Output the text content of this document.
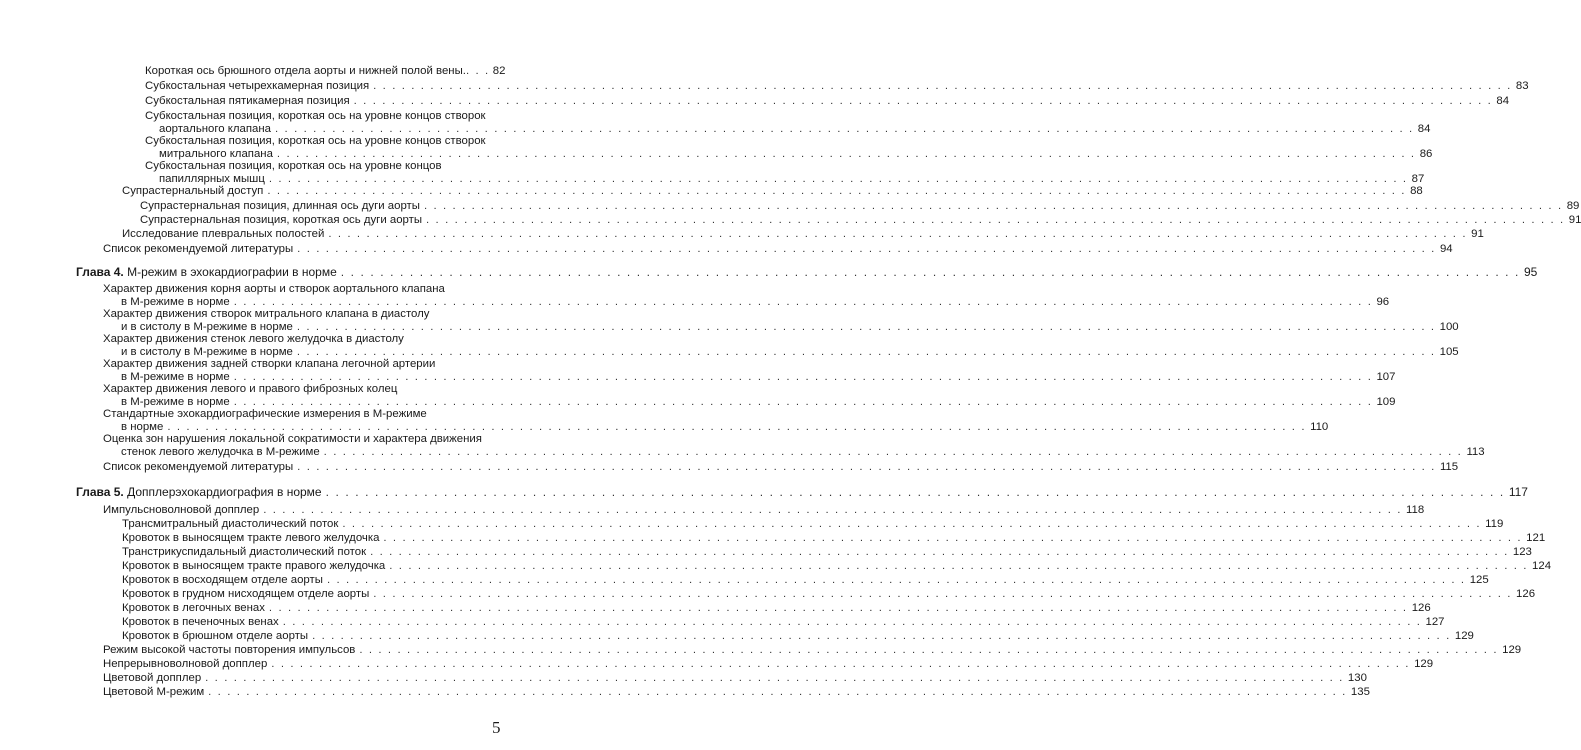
Короткая ось брюшного отдела аорты и нижней полой вены. . . . 82
Субкостальная четырехкамерная позиция . . . . . . . . . . . . . . . . . . . . . . . . . . . . . . . . . . . . . . . . . . . . . . . . . . . . . . . . . . . . . . . . . . . . . . . . . . . . . . . . . . . . . . . . . . . . . . . . . . . . . . . . . . . . . . . . . . . . . . . . 83
Субкостальная пятикамерная позиция . . . . . . . . . . . . . . . . . . . . . . . . . . . . . . . . . . . . . . . . . . . . . . . . . . . . . . . . . . . . . . . . . . . . . . . . . . . . . . . . . . . . . . . . . . . . . . . . . . . . . . . . . . . . . . . . . . . . . . . . 84
Субкостальная позиция, короткая ось на уровне концов створок
аортального клапана . . . . . . . . . . . . . . . . . . . . . . . . . . . . . . . . . . . . . . . . . . . . . . . . . . . . . . . . . . . . . . . . . . . . . . . . . . . . . . . . . . . . . . . . . . . . . . . . . . . . . . . . . . . . . . . . . . . . . . . . 84
Субкостальная позиция, короткая ось на уровне концов створок
митрального клапана . . . . . . . . . . . . . . . . . . . . . . . . . . . . . . . . . . . . . . . . . . . . . . . . . . . . . . . . . . . . . . . . . . . . . . . . . . . . . . . . . . . . . . . . . . . . . . . . . . . . . . . . . . . . . . . . . . . . . . . . 86
Субкостальная позиция, короткая ось на уровне концов
папиллярных мышц . . . . . . . . . . . . . . . . . . . . . . . . . . . . . . . . . . . . . . . . . . . . . . . . . . . . . . . . . . . . . . . . . . . . . . . . . . . . . . . . . . . . . . . . . . . . . . . . . . . . . . . . . . . . . . . . . . . . . . . . 87
Супрастернальный доступ . . . . . . . . . . . . . . . . . . . . . . . . . . . . . . . . . . . . . . . . . . . . . . . . . . . . . . . . . . . . . . . . . . . . . . . . . . . . . . . . . . . . . . . . . . . . . . . . . . . . . . . . . . . . . . . . . . . . . . . . 88
Супрастернальная позиция, длинная ось дуги аорты . . . . . . . . . . . . . . . . . . . . . . . . . . . . . . . . . . . . . . . . . . . . . . . . . . . . . . . . . . . . . . . . . . . . . . . . . . . . . . . . . . . . . . . . . . . . . . . . . . . . . . . . . . . . . . . . . . . . . . . . 89
Супрастернальная позиция, короткая ось дуги аорты . . . . . . . . . . . . . . . . . . . . . . . . . . . . . . . . . . . . . . . . . . . . . . . . . . . . . . . . . . . . . . . . . . . . . . . . . . . . . . . . . . . . . . . . . . . . . . . . . . . . . . . . . . . . . . . . . . . . . . . . 91
Исследование плевральных полостей . . . . . . . . . . . . . . . . . . . . . . . . . . . . . . . . . . . . . . . . . . . . . . . . . . . . . . . . . . . . . . . . . . . . . . . . . . . . . . . . . . . . . . . . . . . . . . . . . . . . . . . . . . . . . . . . . . . . . . . . 91
Список рекомендуемой литературы . . . . . . . . . . . . . . . . . . . . . . . . . . . . . . . . . . . . . . . . . . . . . . . . . . . . . . . . . . . . . . . . . . . . . . . . . . . . . . . . . . . . . . . . . . . . . . . . . . . . . . . . . . . . . . . . . . . . . . . . 94
Глава 4. М-режим в эхокардиографии в норме . . . . . . . . . . . . . . . . . . . . . . . . . . . . . . . . . . . . . . . . . . . . . . . . . . . . . . . . . . . . . . . . . . . . . . . . . . . . . . . . . . . . . . . . . . . . . . . . . . . . . . . . . . . . . . . . . . . . . . . . 95
Характер движения корня аорты и створок аортального клапана
в М-режиме в норме . . . . . . . . . . . . . . . . . . . . . . . . . . . . . . . . . . . . . . . . . . . . . . . . . . . . . . . . . . . . . . . . . . . . . . . . . . . . . . . . . . . . . . . . . . . . . . . . . . . . . . . . . . . . . . . . . . . . . . . . 96
Характер движения створок митрального клапана в диастолу
и в систолу в М-режиме в норме . . . . . . . . . . . . . . . . . . . . . . . . . . . . . . . . . . . . . . . . . . . . . . . . . . . . . . . . . . . . . . . . . . . . . . . . . . . . . . . . . . . . . . . . . . . . . . . . . . . . . . . . . . . . . . . . . . . . . . . . 100
Характер движения стенок левого желудочка в диастолу
и в систолу в М-режиме в норме . . . . . . . . . . . . . . . . . . . . . . . . . . . . . . . . . . . . . . . . . . . . . . . . . . . . . . . . . . . . . . . . . . . . . . . . . . . . . . . . . . . . . . . . . . . . . . . . . . . . . . . . . . . . . . . . . . . . . . . . 105
Характер движения задней створки клапана легочной артерии
в М-режиме в норме . . . . . . . . . . . . . . . . . . . . . . . . . . . . . . . . . . . . . . . . . . . . . . . . . . . . . . . . . . . . . . . . . . . . . . . . . . . . . . . . . . . . . . . . . . . . . . . . . . . . . . . . . . . . . . . . . . . . . . . . 107
Характер движения левого и правого фиброзных колец
в М-режиме в норме . . . . . . . . . . . . . . . . . . . . . . . . . . . . . . . . . . . . . . . . . . . . . . . . . . . . . . . . . . . . . . . . . . . . . . . . . . . . . . . . . . . . . . . . . . . . . . . . . . . . . . . . . . . . . . . . . . . . . . . . 109
Стандартные эхокардиографические измерения в М-режиме
в норме . . . . . . . . . . . . . . . . . . . . . . . . . . . . . . . . . . . . . . . . . . . . . . . . . . . . . . . . . . . . . . . . . . . . . . . . . . . . . . . . . . . . . . . . . . . . . . . . . . . . . . . . . . . . . . . . . . . . . . . . 110
Оценка зон нарушения локальной сократимости и характера движения
стенок левого желудочка в М-режиме . . . . . . . . . . . . . . . . . . . . . . . . . . . . . . . . . . . . . . . . . . . . . . . . . . . . . . . . . . . . . . . . . . . . . . . . . . . . . . . . . . . . . . . . . . . . . . . . . . . . . . . . . . . . . . . . . . . . . . . . 113
Список рекомендуемой литературы . . . . . . . . . . . . . . . . . . . . . . . . . . . . . . . . . . . . . . . . . . . . . . . . . . . . . . . . . . . . . . . . . . . . . . . . . . . . . . . . . . . . . . . . . . . . . . . . . . . . . . . . . . . . . . . . . . . . . . . . 115
Глава 5. Допплерэхокардиография в норме . . . . . . . . . . . . . . . . . . . . . . . . . . . . . . . . . . . . . . . . . . . . . . . . . . . . . . . . . . . . . . . . . . . . . . . . . . . . . . . . . . . . . . . . . . . . . . . . . . . . . . . . . . . . . . . . . . . . . . . . 117
Импульсноволновой допплер . . . . . . . . . . . . . . . . . . . . . . . . . . . . . . . . . . . . . . . . . . . . . . . . . . . . . . . . . . . . . . . . . . . . . . . . . . . . . . . . . . . . . . . . . . . . . . . . . . . . . . . . . . . . . . . . . . . . . . . . 118
Трансмитральный диастолический поток . . . . . . . . . . . . . . . . . . . . . . . . . . . . . . . . . . . . . . . . . . . . . . . . . . . . . . . . . . . . . . . . . . . . . . . . . . . . . . . . . . . . . . . . . . . . . . . . . . . . . . . . . . . . . . . . . . . . . . . . 119
Кровоток в выносящем тракте левого желудочка . . . . . . . . . . . . . . . . . . . . . . . . . . . . . . . . . . . . . . . . . . . . . . . . . . . . . . . . . . . . . . . . . . . . . . . . . . . . . . . . . . . . . . . . . . . . . . . . . . . . . . . . . . . . . . . . . . . . . . . . 121
Транстрикуспидальный диастолический поток . . . . . . . . . . . . . . . . . . . . . . . . . . . . . . . . . . . . . . . . . . . . . . . . . . . . . . . . . . . . . . . . . . . . . . . . . . . . . . . . . . . . . . . . . . . . . . . . . . . . . . . . . . . . . . . . . . . . . . . . 123
Кровоток в выносящем тракте правого желудочка . . . . . . . . . . . . . . . . . . . . . . . . . . . . . . . . . . . . . . . . . . . . . . . . . . . . . . . . . . . . . . . . . . . . . . . . . . . . . . . . . . . . . . . . . . . . . . . . . . . . . . . . . . . . . . . . . . . . . . . . 124
Кровоток в восходящем отделе аорты . . . . . . . . . . . . . . . . . . . . . . . . . . . . . . . . . . . . . . . . . . . . . . . . . . . . . . . . . . . . . . . . . . . . . . . . . . . . . . . . . . . . . . . . . . . . . . . . . . . . . . . . . . . . . . . . . . . . . . . . 125
Кровоток в грудном нисходящем отделе аорты . . . . . . . . . . . . . . . . . . . . . . . . . . . . . . . . . . . . . . . . . . . . . . . . . . . . . . . . . . . . . . . . . . . . . . . . . . . . . . . . . . . . . . . . . . . . . . . . . . . . . . . . . . . . . . . . . . . . . . . . 126
Кровоток в легочных венах . . . . . . . . . . . . . . . . . . . . . . . . . . . . . . . . . . . . . . . . . . . . . . . . . . . . . . . . . . . . . . . . . . . . . . . . . . . . . . . . . . . . . . . . . . . . . . . . . . . . . . . . . . . . . . . . . . . . . . . . 126
Кровоток в печеночных венах . . . . . . . . . . . . . . . . . . . . . . . . . . . . . . . . . . . . . . . . . . . . . . . . . . . . . . . . . . . . . . . . . . . . . . . . . . . . . . . . . . . . . . . . . . . . . . . . . . . . . . . . . . . . . . . . . . . . . . . . 127
Кровоток в брюшном отделе аорты . . . . . . . . . . . . . . . . . . . . . . . . . . . . . . . . . . . . . . . . . . . . . . . . . . . . . . . . . . . . . . . . . . . . . . . . . . . . . . . . . . . . . . . . . . . . . . . . . . . . . . . . . . . . . . . . . . . . . . . . 129
Режим высокой частоты повторения импульсов . . . . . . . . . . . . . . . . . . . . . . . . . . . . . . . . . . . . . . . . . . . . . . . . . . . . . . . . . . . . . . . . . . . . . . . . . . . . . . . . . . . . . . . . . . . . . . . . . . . . . . . . . . . . . . . . . . . . . . . . 129
Непрерывноволновой допплер . . . . . . . . . . . . . . . . . . . . . . . . . . . . . . . . . . . . . . . . . . . . . . . . . . . . . . . . . . . . . . . . . . . . . . . . . . . . . . . . . . . . . . . . . . . . . . . . . . . . . . . . . . . . . . . . . . . . . . . . 129
Цветовой допплер . . . . . . . . . . . . . . . . . . . . . . . . . . . . . . . . . . . . . . . . . . . . . . . . . . . . . . . . . . . . . . . . . . . . . . . . . . . . . . . . . . . . . . . . . . . . . . . . . . . . . . . . . . . . . . . . . . . . . . . . 130
Цветовой М-режим . . . . . . . . . . . . . . . . . . . . . . . . . . . . . . . . . . . . . . . . . . . . . . . . . . . . . . . . . . . . . . . . . . . . . . . . . . . . . . . . . . . . . . . . . . . . . . . . . . . . . . . . . . . . . . . . . . . . . . . . 135
5
